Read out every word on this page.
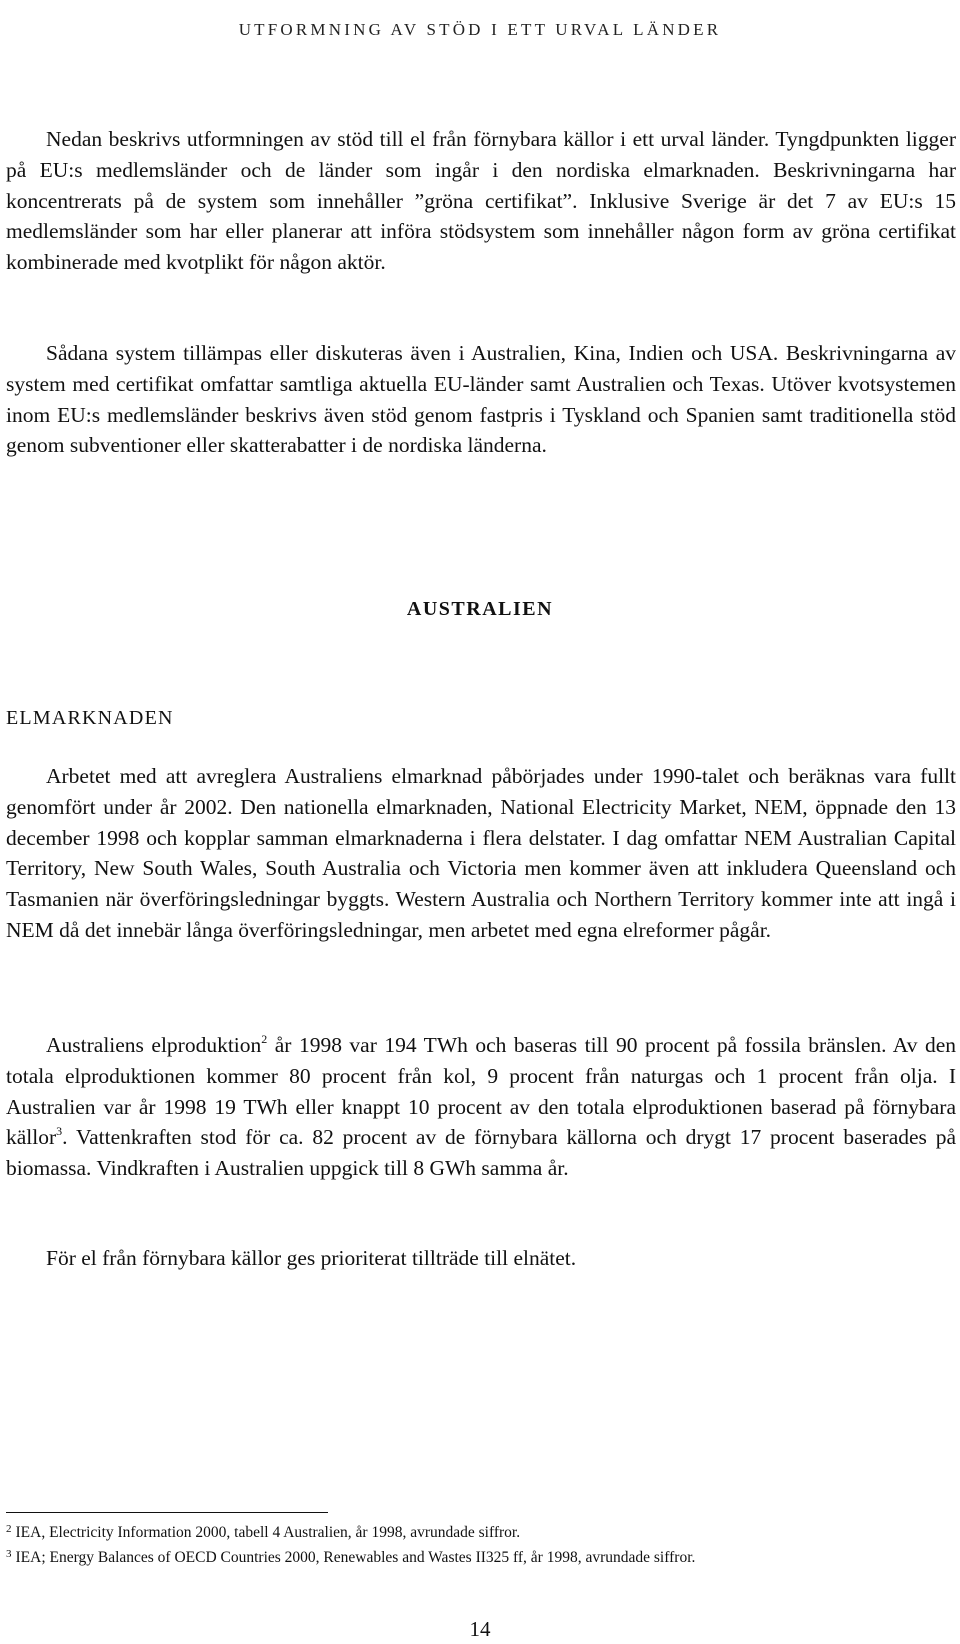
UTFORMNING AV STÖD I ETT URVAL LÄNDER

Nedan beskrivs utformningen av stöd till el från förnybara källor i ett urval länder. Tyngdpunkten ligger på EU:s medlemsländer och de länder som ingår i den nordiska elmarknaden. Beskrivningarna har koncentrerats på de system som innehåller ”gröna certifikat”. Inklusive Sverige är det 7 av EU:s 15 medlemsländer som har eller planerar att införa stödsystem som innehåller någon form av gröna certifikat kombinerade med kvotplikt för någon aktör.

Sådana system tillämpas eller diskuteras även i Australien, Kina, Indien och USA. Beskrivningarna av system med certifikat omfattar samtliga aktuella EU-länder samt Australien och Texas. Utöver kvotsystemen inom EU:s medlemsländer beskrivs även stöd genom fastpris i Tyskland och Spanien samt traditionella stöd genom subventioner eller skatterabatter i de nordiska länderna.

AUSTRALIEN
ELMARKNADEN

Arbetet med att avreglera Australiens elmarknad påbörjades under 1990-talet och beräknas vara fullt genomfört under år 2002. Den nationella elmarknaden, National Electricity Market, NEM, öppnade den 13 december 1998 och kopplar samman elmarknaderna i flera delstater. I dag omfattar NEM Australian Capital Territory, New South Wales, South Australia och Victoria men kommer även att inkludera Queensland och Tasmanien när överföringsledningar byggts. Western Australia och Northern Territory kommer inte att ingå i NEM då det innebär långa överföringsledningar, men arbetet med egna elreformer pågår.

Australiens elproduktion$^2$ år 1998 var 194 TWh och baseras till 90 procent på fossila bränslen. Av den totala elproduktionen kommer 80 procent från kol, 9 procent från naturgas och 1 procent från olja. I Australien var år 1998 19 TWh eller knappt 10 procent av den totala elproduktionen baserad på förnybara källor$^3$. Vattenkraften stod för ca. 82 procent av de förnybara källorna och drygt 17 procent baserades på biomassa. Vindkraften i Australien uppgick till 8 GWh samma år.

För el från förnybara källor ges prioriterat tillträde till elnätet.

$^2$ IEA, Electricity Information 2000, tabell 4 Australien, år 1998, avrundade siffror.
$^3$ IEA; Energy Balances of OECD Countries 2000, Renewables and Wastes II325 ff, år 1998, avrundade siffror.
14
